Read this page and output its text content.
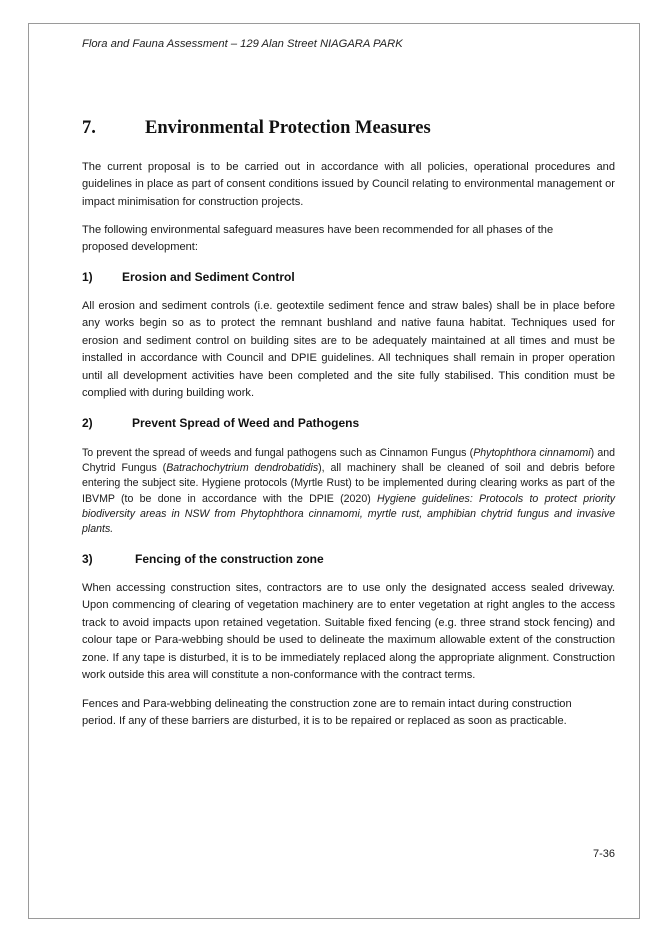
Flora and Fauna Assessment – 129 Alan Street NIAGARA PARK
7.	Environmental Protection Measures

The current proposal is to be carried out in accordance with all policies, operational procedures and guidelines in place as part of consent conditions issued by Council relating to environmental management or impact minimisation for construction projects.

The following environmental safeguard measures have been recommended for all phases of the proposed development:

1) Erosion and Sediment Control

All erosion and sediment controls (i.e. geotextile sediment fence and straw bales) shall be in place before any works begin so as to protect the remnant bushland and native fauna habitat. Techniques used for erosion and sediment control on building sites are to be adequately maintained at all times and must be installed in accordance with Council and DPIE guidelines. All techniques shall remain in proper operation until all development activities have been completed and the site fully stabilised. This condition must be complied with during building work.

2)	Prevent Spread of Weed and Pathogens

To prevent the spread of weeds and fungal pathogens such as Cinnamon Fungus (Phytophthora cinnamomi) and Chytrid Fungus (Batrachochytrium dendrobatidis), all machinery shall be cleaned of soil and debris before entering the subject site. Hygiene protocols (Myrtle Rust) to be implemented during clearing works as part of the IBVMP (to be done in accordance with the DPIE (2020) Hygiene guidelines: Protocols to protect priority biodiversity areas in NSW from Phytophthora cinnamomi, myrtle rust, amphibian chytrid fungus and invasive plants.

3)	Fencing of the construction zone

When accessing construction sites, contractors are to use only the designated access sealed driveway. Upon commencing of clearing of vegetation machinery are to enter vegetation at right angles to the access track to avoid impacts upon retained vegetation. Suitable fixed fencing (e.g. three strand stock fencing) and colour tape or Para-webbing should be used to delineate the maximum allowable extent of the construction zone. If any tape is disturbed, it is to be immediately replaced along the appropriate alignment. Construction work outside this area will constitute a non-conformance with the contract terms.

Fences and Para-webbing delineating the construction zone are to remain intact during construction period. If any of these barriers are disturbed, it is to be repaired or replaced as soon as practicable.

7-36
